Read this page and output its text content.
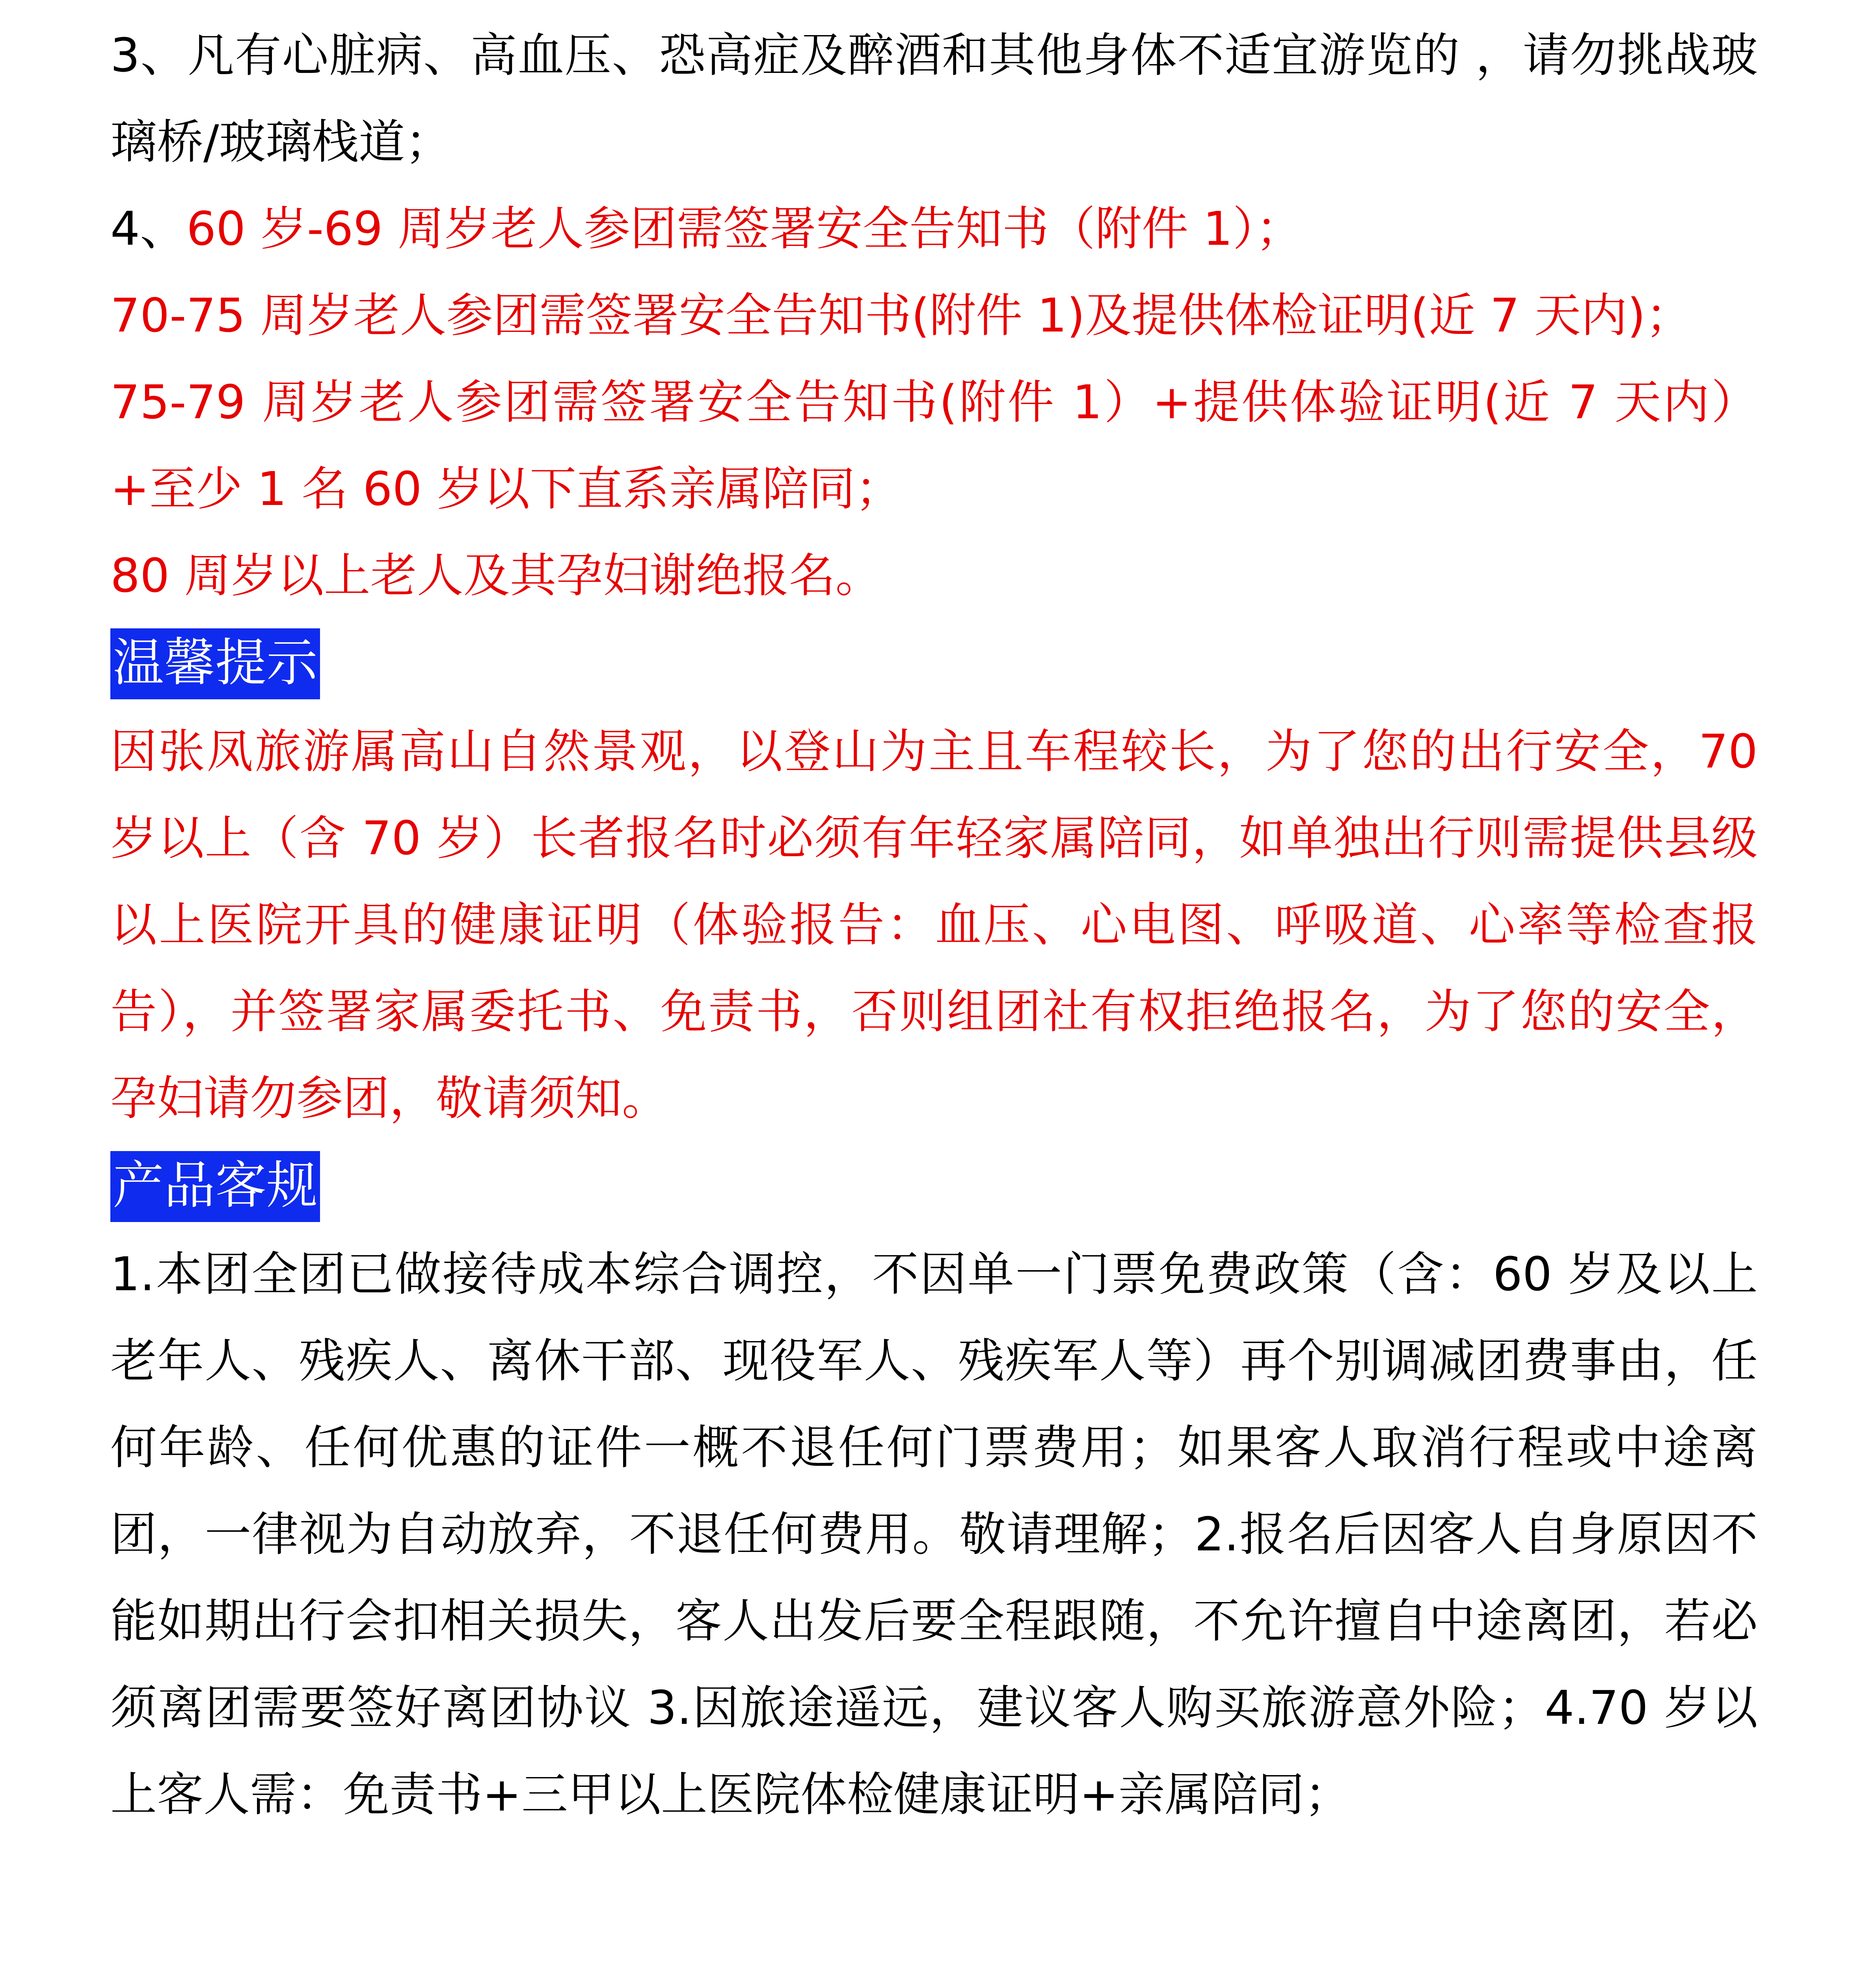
3、凡有心脏病、高血压、恐高症及醉酒和其他身体不适宜游览的 ，请勿挑战玻璃桥/玻璃栈道；

4、60 岁-69 周岁老人参团需签署安全告知书（附件 1）；

70-75 周岁老人参团需签署安全告知书(附件 1)及提供体检证明(近 7 天内)；

75-79 周岁老人参团需签署安全告知书(附件 1）+提供体验证明(近 7 天内） +至少 1 名 60 岁以下直系亲属陪同；

80 周岁以上老人及其孕妇谢绝报名。

温馨提示

因张凤旅游属高山自然景观，以登山为主且车程较长，为了您的出行安全，70 岁以上（含 70 岁）长者报名时必须有年轻家属陪同，如单独出行则需提供县级以上医院开具的健康证明（体验报告：血压、心电图、呼吸道、心率等检查报告），并签署家属委托书、免责书，否则组团社有权拒绝报名，为了您的安全，孕妇请勿参团，敬请须知。

产品客规

1.本团全团已做接待成本综合调控，不因单一门票免费政策（含：60 岁及以上老年人、残疾人、离休干部、现役军人、残疾军人等）再个别调减团费事由，任何年龄、任何优惠的证件一概不退任何门票费用；如果客人取消行程或中途离团，一律视为自动放弃，不退任何费用。敬请理解；2.报名后因客人自身原因不能如期出行会扣相关损失，客人出发后要全程跟随，不允许擅自中途离团，若必须离团需要签好离团协议 3.因旅途遥远，建议客人购买旅游意外险；4.70 岁以上客人需：免责书+三甲以上医院体检健康证明+亲属陪同；
